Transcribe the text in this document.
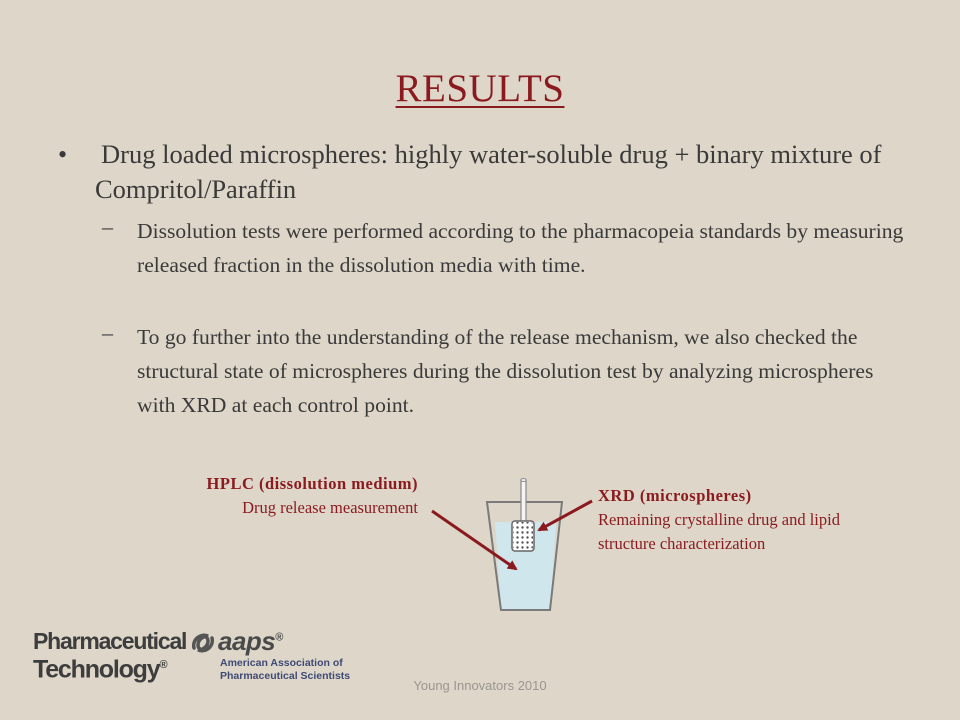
RESULTS
• Drug loaded microspheres: highly water-soluble drug + binary mixture of Compritol/Paraffin
– Dissolution tests were performed according to the pharmacopeia standards by measuring released fraction in the dissolution media with time.
– To go further into the understanding of the release mechanism, we also checked the structural state of microspheres during the dissolution test by analyzing microspheres with XRD at each control point.
HPLC (dissolution medium)
Drug release measurement
XRD (microspheres)
Remaining crystalline drug and lipid structure characterization
Pharmaceutical
Technology®
aaps®
American Association of
Pharmaceutical Scientists
Young Innovators 2010
